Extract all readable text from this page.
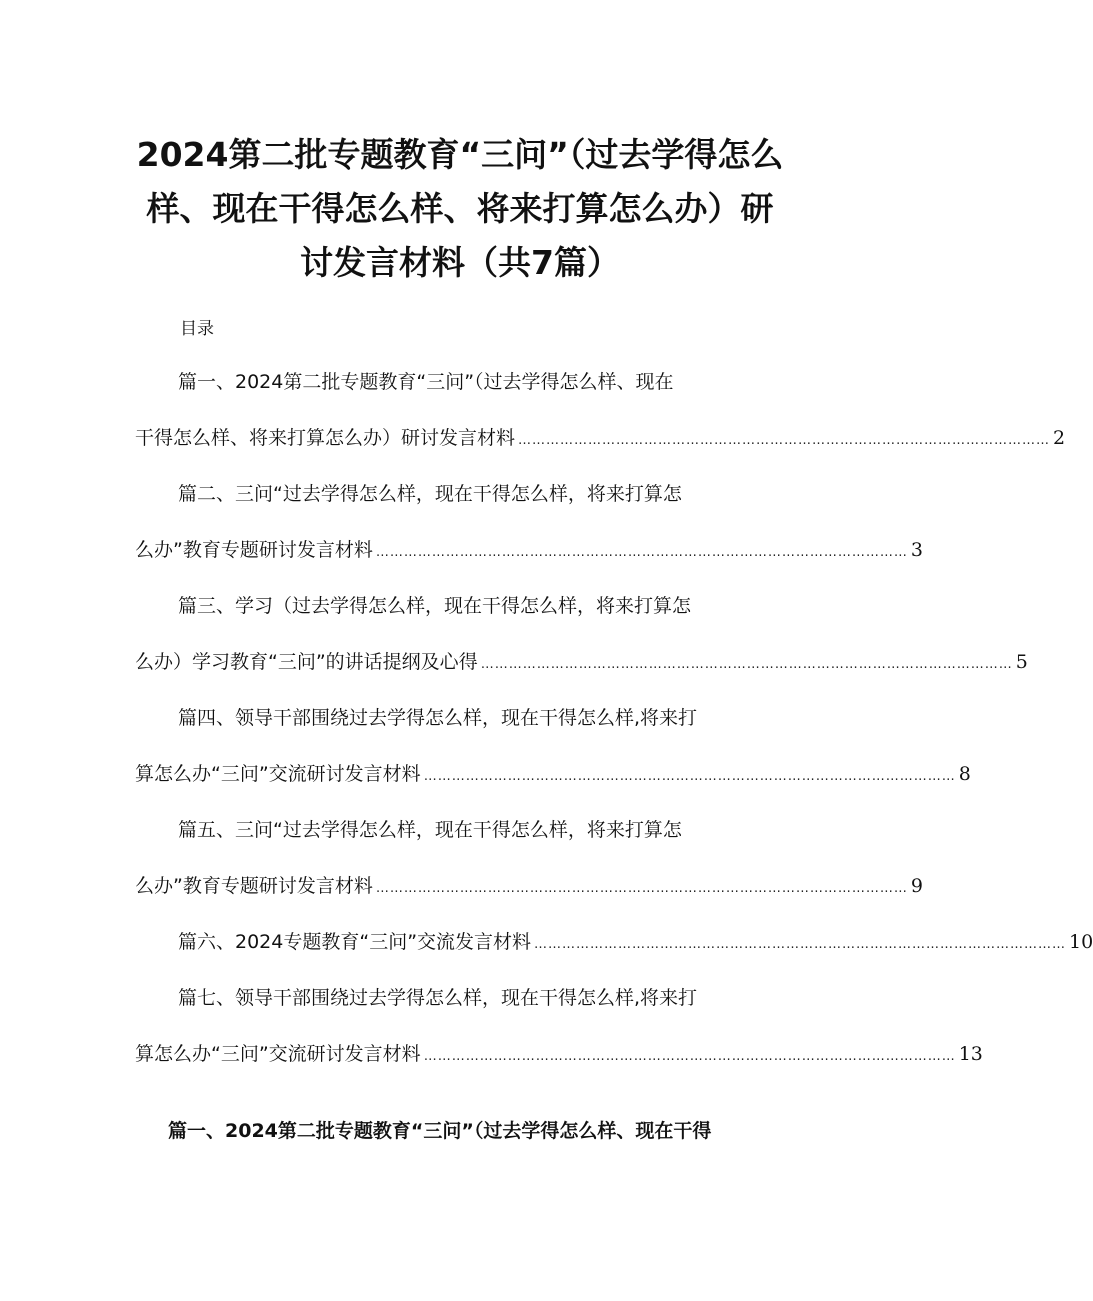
2024第二批专题教育“三问”（过去学得怎么
样、现在干得怎么样、将来打算怎么办）研
讨发言材料（共7篇）
目录
篇一、2024第二批专题教育“三问”（过去学得怎么样、现在
干得怎么样、将来打算怎么办）研讨发言材料 …………………………………………………………………………………………………… 2
篇二、三问“过去学得怎么样，现在干得怎么样，将来打算怎
么办”教育专题研讨发言材料 …………………………………………………………………………………………………… 3
篇三、学习（过去学得怎么样，现在干得怎么样，将来打算怎
么办）学习教育“三问”的讲话提纲及心得 …………………………………………………………………………………………………… 5
篇四、领导干部围绕过去学得怎么样，现在干得怎么样,将来打
算怎么办“三问”交流研讨发言材料 …………………………………………………………………………………………………… 8
篇五、三问“过去学得怎么样，现在干得怎么样，将来打算怎
么办”教育专题研讨发言材料 …………………………………………………………………………………………………… 9
篇六、2024专题教育“三问”交流发言材料 …………………………………………………………………………………………………… 10
篇七、领导干部围绕过去学得怎么样，现在干得怎么样,将来打
算怎么办“三问”交流研讨发言材料 …………………………………………………………………………………………………… 13
篇一、2024第二批专题教育“三问”（过去学得怎么样、现在干得
